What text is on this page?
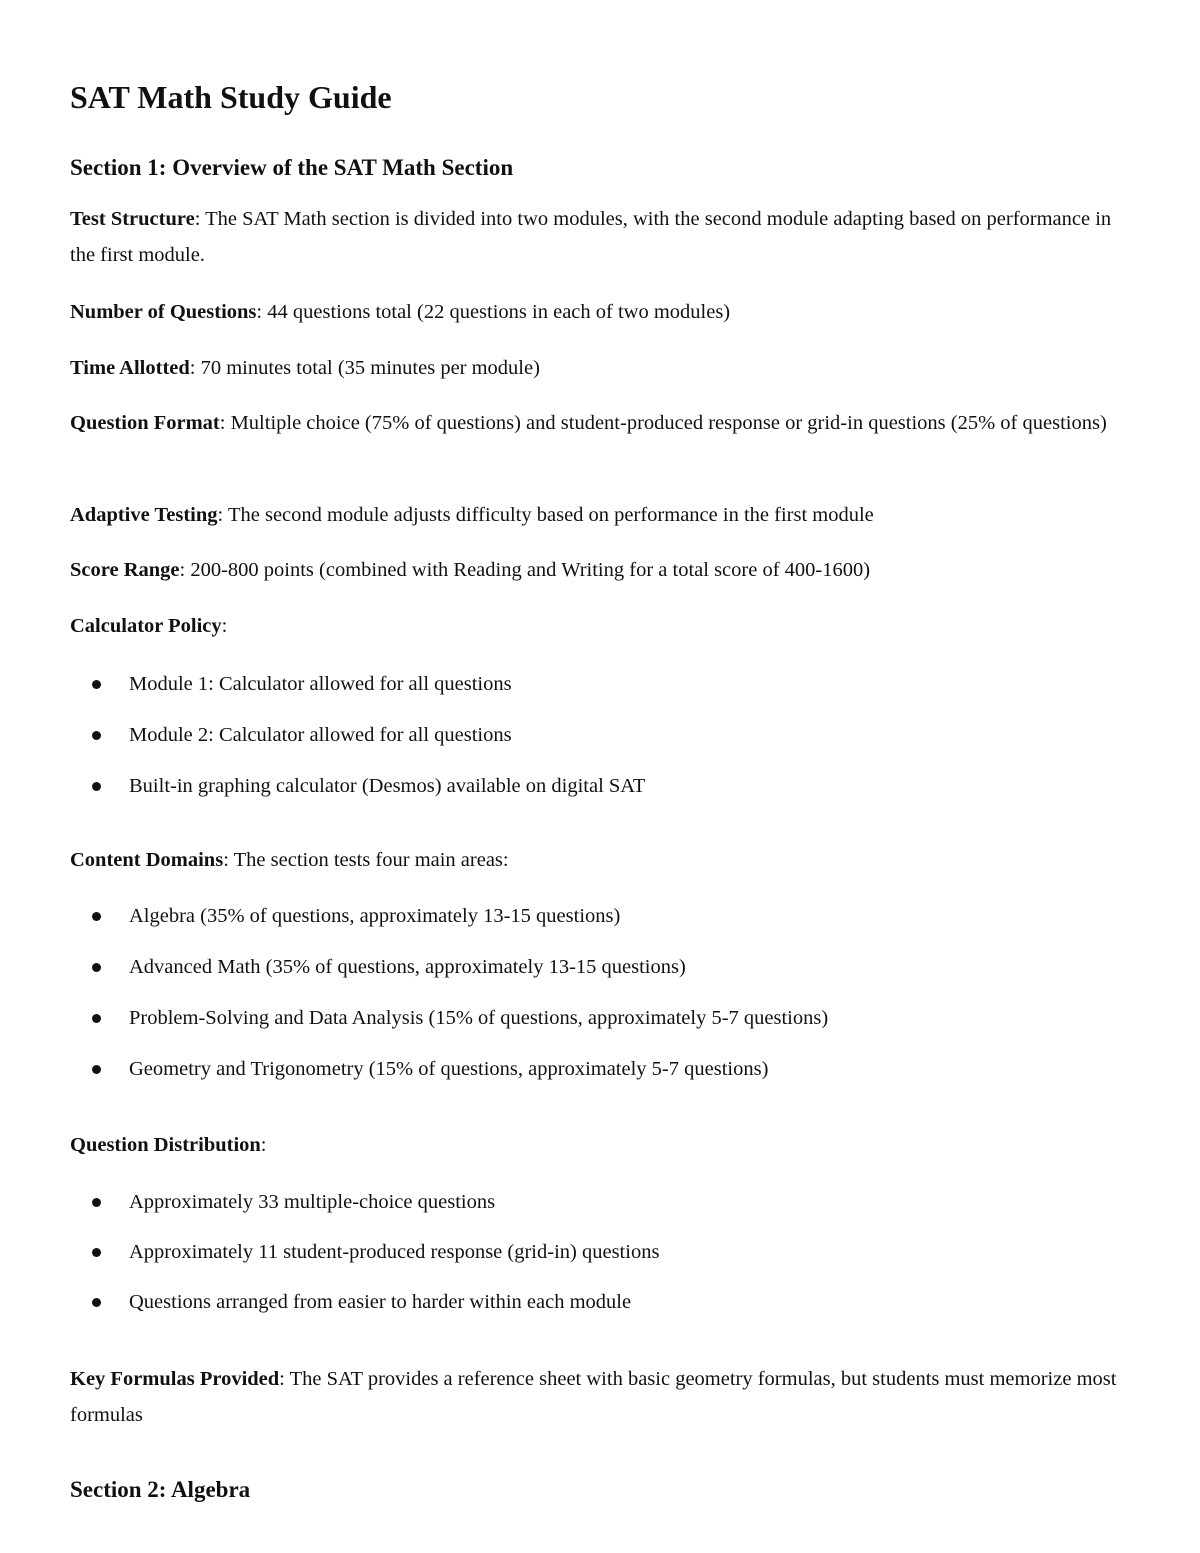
SAT Math Study Guide
Section 1: Overview of the SAT Math Section

Test Structure: The SAT Math section is divided into two modules, with the second module adapting based on performance in the first module.

Number of Questions: 44 questions total (22 questions in each of two modules)

Time Allotted: 70 minutes total (35 minutes per module)

Question Format: Multiple choice (75% of questions) and student-produced response or grid-in questions (25% of questions)

Adaptive Testing: The second module adjusts difficulty based on performance in the first module

Score Range: 200-800 points (combined with Reading and Writing for a total score of 400-1600)

Calculator Policy:

Module 1: Calculator allowed for all questions
Module 2: Calculator allowed for all questions
Built-in graphing calculator (Desmos) available on digital SAT

Content Domains: The section tests four main areas:

Algebra (35% of questions, approximately 13-15 questions)
Advanced Math (35% of questions, approximately 13-15 questions)
Problem-Solving and Data Analysis (15% of questions, approximately 5-7 questions)
Geometry and Trigonometry (15% of questions, approximately 5-7 questions)

Question Distribution:

Approximately 33 multiple-choice questions
Approximately 11 student-produced response (grid-in) questions
Questions arranged from easier to harder within each module

Key Formulas Provided: The SAT provides a reference sheet with basic geometry formulas, but students must memorize most formulas

Section 2: Algebra
